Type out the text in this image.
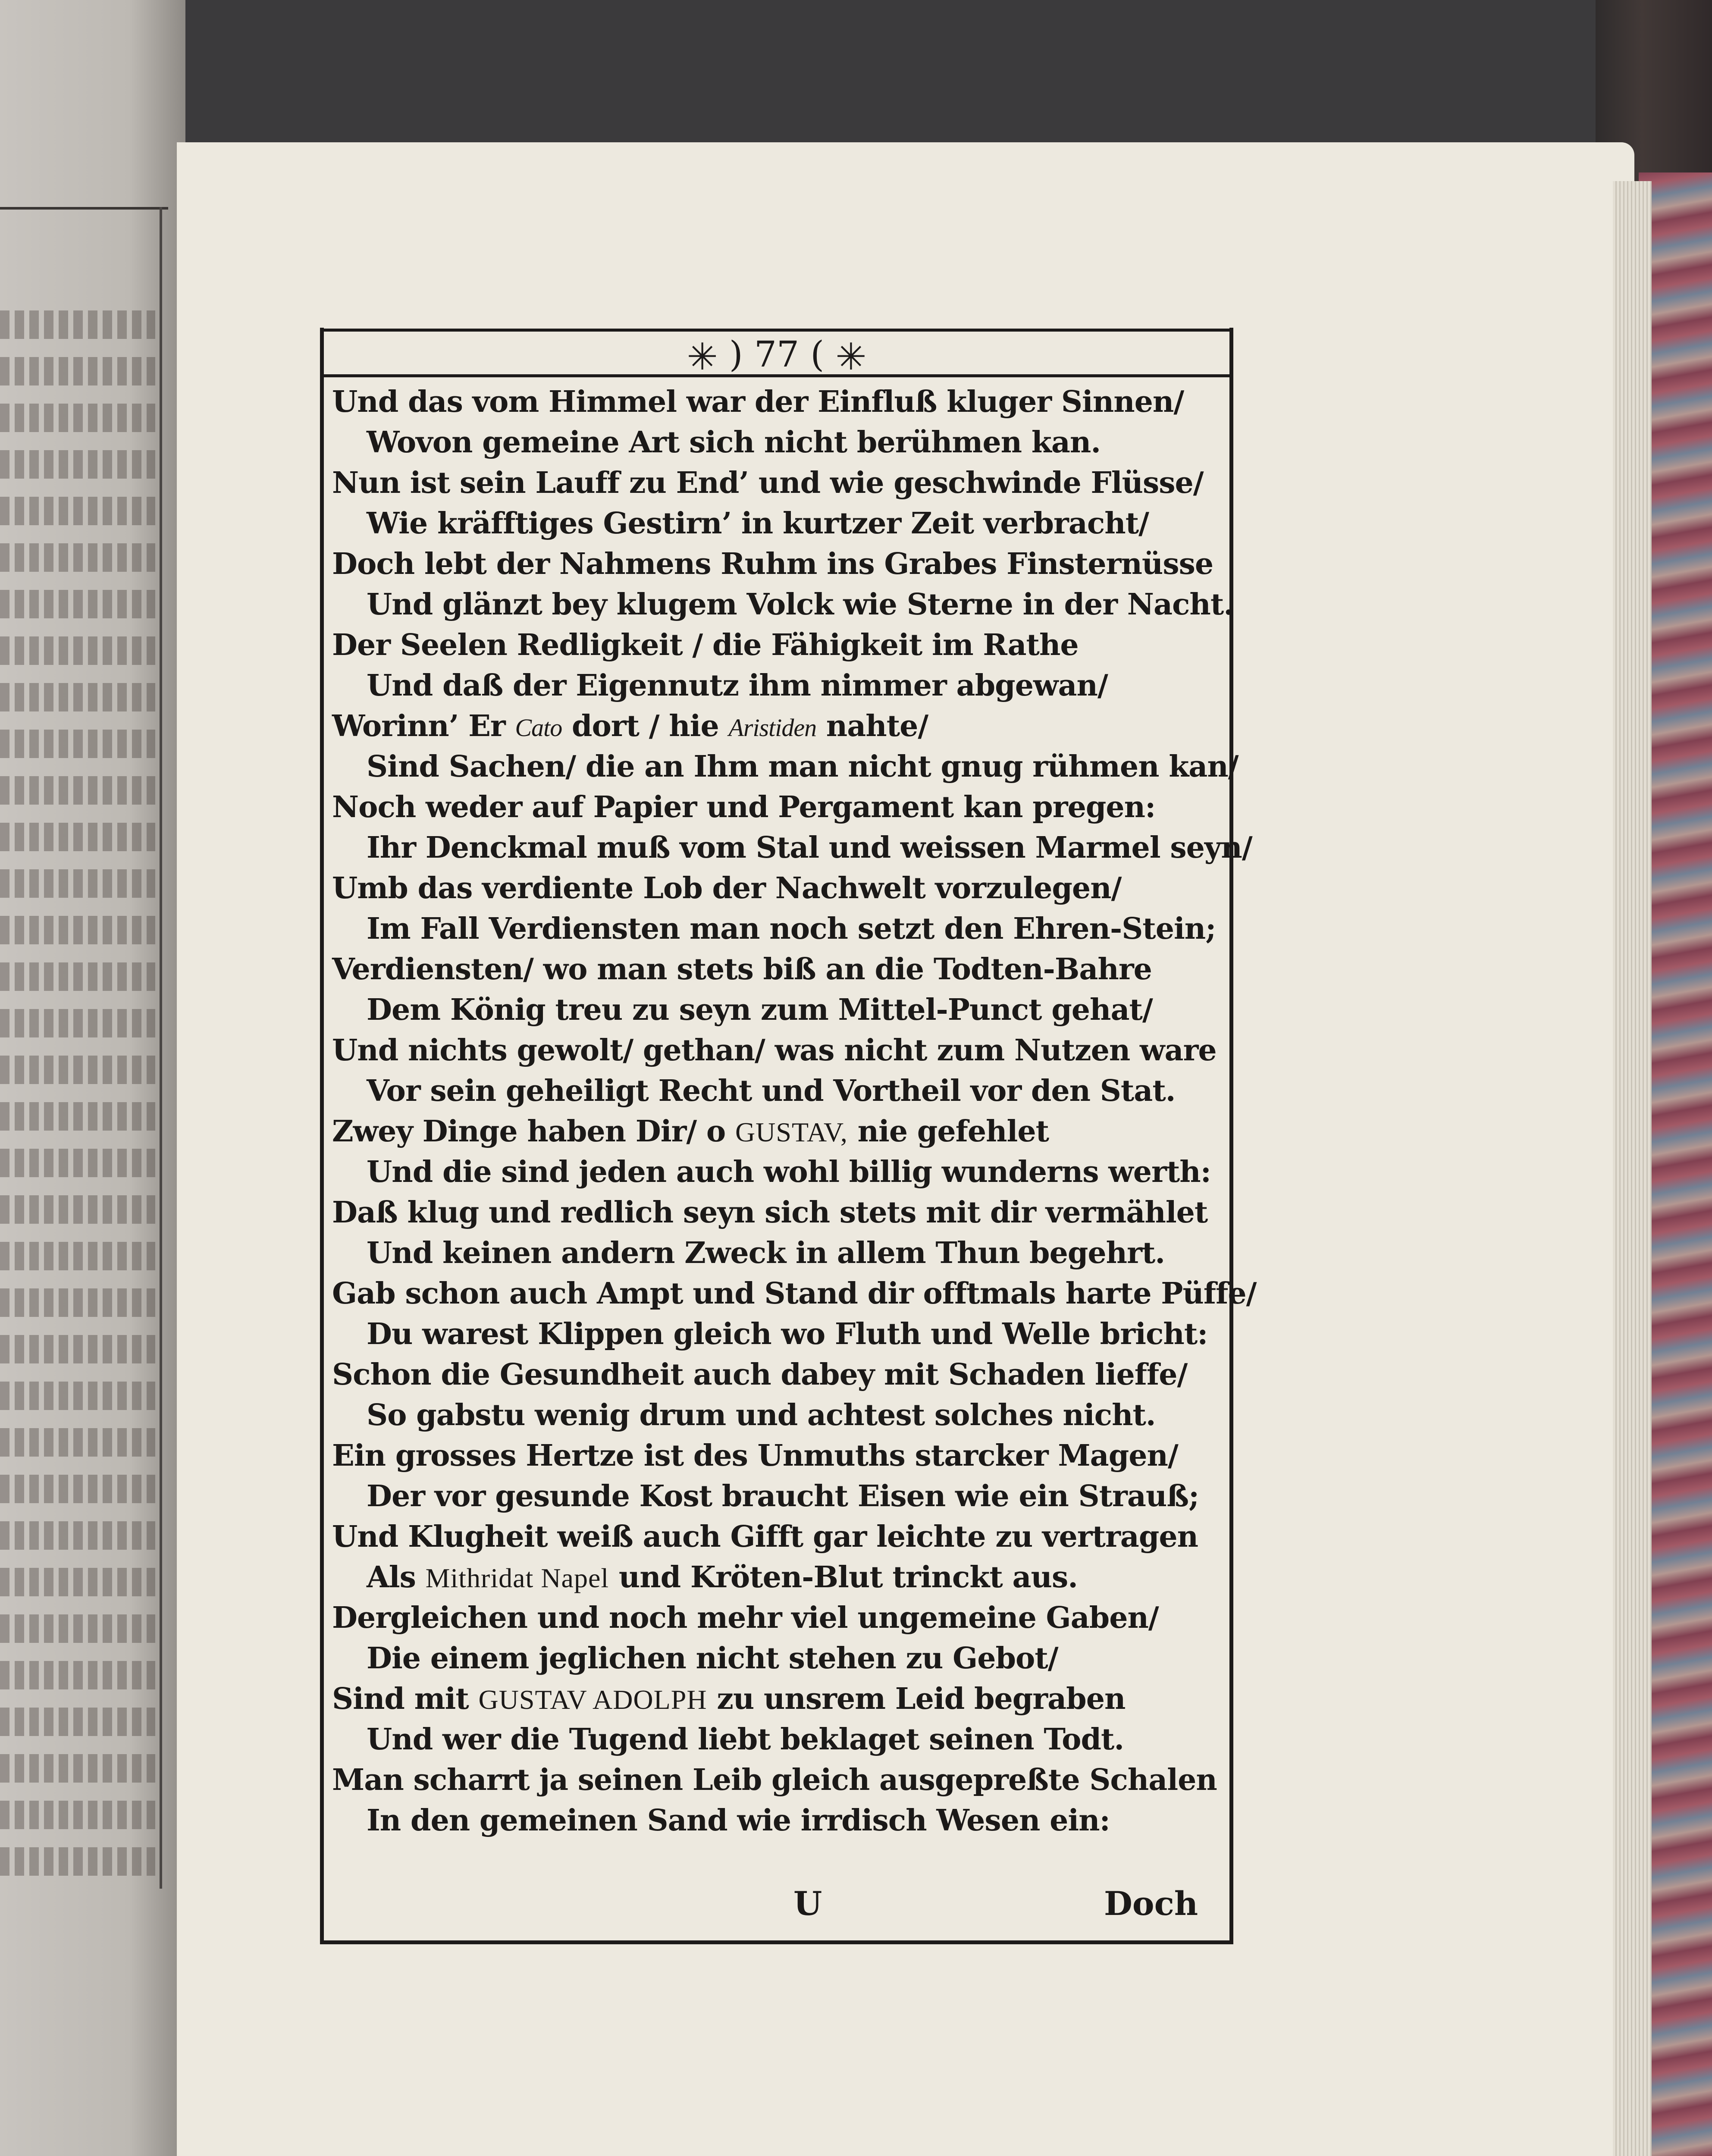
✳ ) 77 ( ✳
Und das vom Himmel war der Einfluß kluger Sinnen/
Wovon gemeine Art sich nicht berühmen kan.
Nun ist sein Lauff zu End’ und wie geschwinde Flüsse/
Wie kräfftiges Gestirn’ in kurtzer Zeit verbracht/
Doch lebt der Nahmens Ruhm ins Grabes Finsternüsse
Und glänzt bey klugem Volck wie Sterne in der Nacht.
Der Seelen Redligkeit / die Fähigkeit im Rathe
Und daß der Eigennutz ihm nimmer abgewan/
Worinn’ Er Cato dort / hie Aristiden nahte/
Sind Sachen/ die an Ihm man nicht gnug rühmen kan/
Noch weder auf Papier und Pergament kan pregen:
Ihr Denckmal muß vom Stal und weissen Marmel seyn/
Umb das verdiente Lob der Nachwelt vorzulegen/
Im Fall Verdiensten man noch setzt den Ehren-Stein;
Verdiensten/ wo man stets biß an die Todten-Bahre
Dem König treu zu seyn zum Mittel-Punct gehat/
Und nichts gewolt/ gethan/ was nicht zum Nutzen ware
Vor sein geheiligt Recht und Vortheil vor den Stat.
Zwey Dinge haben Dir/ o GUSTAV, nie gefehlet
Und die sind jeden auch wohl billig wunderns werth:
Daß klug und redlich seyn sich stets mit dir vermählet
Und keinen andern Zweck in allem Thun begehrt.
Gab schon auch Ampt und Stand dir offtmals harte Püffe/
Du warest Klippen gleich wo Fluth und Welle bricht:
Schon die Gesundheit auch dabey mit Schaden lieffe/
So gabstu wenig drum und achtest solches nicht.
Ein grosses Hertze ist des Unmuths starcker Magen/
Der vor gesunde Kost braucht Eisen wie ein Strauß;
Und Klugheit weiß auch Gifft gar leichte zu vertragen
Als Mithridat Napel und Kröten-Blut trinckt aus.
Dergleichen und noch mehr viel ungemeine Gaben/
Die einem jeglichen nicht stehen zu Gebot/
Sind mit GUSTAV ADOLPH zu unsrem Leid begraben
Und wer die Tugend liebt beklaget seinen Todt.
Man scharrt ja seinen Leib gleich ausgepreßte Schalen
In den gemeinen Sand wie irrdisch Wesen ein:
U	Doch
